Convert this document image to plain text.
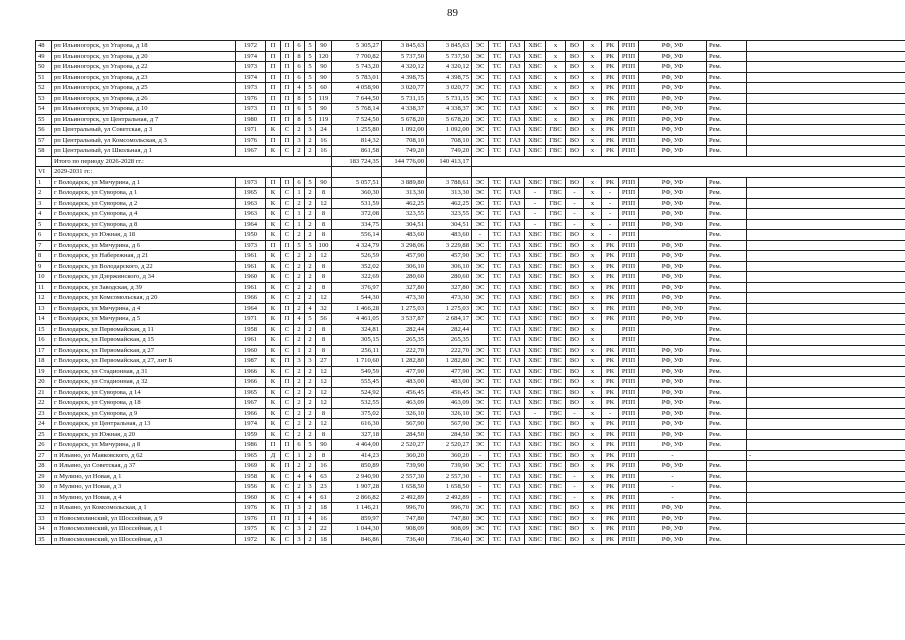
89
48	рп Ильиногорск, ул Угарова, д 18	1972	П	П	6	5	90	5 305,27	3 845,63	3 845,63	ЭС	ТС	ГАЗ	ХВС	х	ВО	х	РК	РПП	РФ, УФ	Рем.	
49	рп Ильиногорск, ул Угарова, д 20	1974	П	П	8	5	120	7 700,82	5 737,50	5 737,50	ЭС	ТС	ГАЗ	ХВС	х	ВО	х	РК	РПП	РФ, УФ	Рем.	
50	рп Ильиногорск, ул Угарова, д 22	1973	П	П	6	5	90	5 743,20	4 320,12	4 320,12	ЭС	ТС	ГАЗ	ХВС	х	ВО	х	РК	РПП	РФ, УФ	Рем.	
51	рп Ильиногорск, ул Угарова, д 23	1974	П	П	6	5	90	5 783,01	4 398,75	4 398,75	ЭС	ТС	ГАЗ	ХВС	х	ВО	х	РК	РПП	РФ, УФ	Рем.	
52	рп Ильиногорск, ул Угарова, д 25	1973	П	П	4	5	60	4 058,90	3 020,77	3 020,77	ЭС	ТС	ГАЗ	ХВС	х	ВО	х	РК	РПП	РФ, УФ	Рем.	
53	рп Ильиногорск, ул Угарова, д 26	1976	П	П	8	5	119	7 644,50	5 731,15	5 731,15	ЭС	ТС	ГАЗ	ХВС	х	ВО	х	РК	РПП	РФ, УФ	Рем.	
54	рп Ильиногорск, ул Угарова, д 10	1973	П	П	6	5	90	5 768,14	4 338,37	4 338,37	ЭС	ТС	ГАЗ	ХВС	х	ВО	х	РК	РПП	РФ, УФ	Рем.	
55	рп Ильиногорск, ул Центральная, д 7	1980	П	П	8	5	119	7 524,50	5 678,20	5 678,20	ЭС	ТС	ГАЗ	ХВС	х	ВО	х	РК	РПП	РФ, УФ	Рем.	
56	рп Центральный, ул Советская, д 3	1971	К	С	2	3	24	1 255,80	1 092,00	1 092,00	ЭС	ТС	ГАЗ	ХВС	ГВС	ВО	х	РК	РПП	РФ, УФ	Рем.	
57	рп Центральный, ул Комсомольская, д 3	1976	П	П	3	2	16	814,32	708,10	708,10	ЭС	ТС	ГАЗ	ХВС	ГВС	ВО	х	РК	РПП	РФ, УФ	Рем.	
58	рп Центральный, ул Школьная, д 1	1967	К	С	2	2	16	861,58	749,20	749,20	ЭС	ТС	ГАЗ	ХВС	ГВС	ВО	х	РК	РПП	РФ, УФ	Рем.	
	Итого по периоду 2026-2028 гг.:							183 724,35	144 776,00	140 413,17												
VI	2029-2031 гг.:																					
1	г Володарск, ул Мичурина, д 1	1973	П	П	6	5	90	5 057,51	3 889,80	3 788,61	ЭС	ТС	ГАЗ	ХВС	ГВС	ВО	х	РК	РПП	РФ, УФ	Рем.	
2	г Володарск, ул Суворова, д 1	1965	К	С	1	2	8	360,30	313,30	313,30	ЭС	ТС	ГАЗ	-	ГВС	-	х	-	РПП	РФ, УФ	Рем.	
3	г Володарск, ул Суворова, д 2	1963	К	С	2	2	12	531,59	462,25	462,25	ЭС	ТС	ГАЗ	-	ГВС	-	х	-	РПП	РФ, УФ	Рем.	
4	г Володарск, ул Суворова, д 4	1963	К	С	1	2	8	372,08	323,55	323,55	ЭС	ТС	ГАЗ	-	ГВС	-	х	-	РПП	РФ, УФ	Рем.	
5	г Володарск, ул Суворова, д 8	1964	К	С	1	2	8	334,75	304,51	304,51	ЭС	ТС	ГАЗ	-	ГВС	-	х	-	РПП	РФ, УФ	Рем.	
6	г Володарск, ул Южная, д 18	1950	К	С	2	2	8	556,14	483,60	483,60	-	ТС	ГАЗ	ХВС	ГВС	ВО	х	-	РПП		Рем.	
7	г Володарск, ул Мичурина, д 6	1973	П	П	5	5	100	4 324,79	3 298,06	3 229,88	ЭС	ТС	ГАЗ	ХВС	ГВС	ВО	х	РК	РПП	РФ, УФ	Рем.	
8	г Володарск, ул Набережная, д 21	1961	К	С	2	2	12	526,59	457,90	457,90	ЭС	ТС	ГАЗ	ХВС	ГВС	ВО	х	РК	РПП	РФ, УФ	Рем.	
9	г Володарск, ул Володарского, д 22	1961	К	С	2	2	8	352,02	306,10	306,10	ЭС	ТС	ГАЗ	ХВС	ГВС	ВО	х	РК	РПП	РФ, УФ	Рем.	
10	г Володарск, ул Дзержинского, д 34	1960	К	С	2	2	8	322,69	280,60	280,60	ЭС	ТС	ГАЗ	ХВС	ГВС	ВО	х	РК	РПП	РФ, УФ	Рем.	
11	г Володарск, ул Заводская, д 39	1961	К	С	2	2	8	376,97	327,80	327,80	ЭС	ТС	ГАЗ	ХВС	ГВС	ВО	х	РК	РПП	РФ, УФ	Рем.	
12	г Володарск, ул Комсомольская, д 20	1966	К	С	2	2	12	544,30	473,30	473,30	ЭС	ТС	ГАЗ	ХВС	ГВС	ВО	х	РК	РПП	РФ, УФ	Рем.	
13	г Володарск, ул Мичурина, д 4	1964	К	П	2	4	32	1 466,28	1 275,03	1 275,03	ЭС	ТС	ГАЗ	ХВС	ГВС	ВО	х	РК	РПП	РФ, УФ	Рем.	
14	г Володарск, ул Мичурина, д 5	1971	К	П	4	5	56	4 461,05	3 537,87	2 684,17	ЭС	ТС	ГАЗ	ХВС	ГВС	ВО	х	РК	РПП	РФ, УФ	Рем.	
15	г Володарск, ул Первомайская, д 11	1958	К	С	2	2	8	324,81	282,44	282,44		ТС	ГАЗ	ХВС	ГВС	ВО	х		РПП		Рем.	
16	г Володарск, ул Первомайская, д 15	1961	К	С	2	2	8	305,15	265,35	265,35		ТС	ГАЗ	ХВС	ГВС	ВО	х		РПП		Рем.	
17	г Володарск, ул Первомайская, д 27	1960	К	С	1	2	8	256,11	222,70	222,70	ЭС	ТС	ГАЗ	ХВС	ГВС	ВО	х	РК	РПП	РФ, УФ	Рем.	
18	г Володарск, ул Первомайская, д 27, лит Б	1987	К	П	3	3	27	1 710,60	1 282,80	1 282,80	ЭС	ТС	ГАЗ	ХВС	ГВС	ВО	х	РК	РПП	РФ, УФ	Рем.	
19	г Володарск, ул Стадионная, д 31	1966	К	С	2	2	12	549,59	477,90	477,90	ЭС	ТС	ГАЗ	ХВС	ГВС	ВО	х	РК	РПП	РФ, УФ	Рем.	
20	г Володарск, ул Стадионная, д 32	1966	К	П	2	2	12	555,45	483,00	483,00	ЭС	ТС	ГАЗ	ХВС	ГВС	ВО	х	РК	РПП	РФ, УФ	Рем.	
21	г Володарск, ул Суворова, д 14	1965	К	С	2	2	12	524,92	456,45	456,45	ЭС	ТС	ГАЗ	ХВС	ГВС	ВО	х	РК	РПП	РФ, УФ	Рем.	
22	г Володарск, ул Суворова, д 18	1967	К	С	2	2	12	532,55	463,09	463,09	ЭС	ТС	ГАЗ	ХВС	ГВС	ВО	х	РК	РПП	РФ, УФ	Рем.	
23	г Володарск, ул Суворова, д 9	1966	К	С	2	2	8	375,02	326,10	326,10	ЭС	ТС	ГАЗ	-	ГВС	-	х	-	РПП	РФ, УФ	Рем.	
24	г Володарск, ул Центральная, д 13	1974	К	С	2	2	12	616,30	567,90	567,90	ЭС	ТС	ГАЗ	ХВС	ГВС	ВО	х	РК	РПП	РФ, УФ	Рем.	
25	г Володарск, ул Южная, д 20	1959	К	С	2	2	8	327,18	284,50	284,50	ЭС	ТС	ГАЗ	ХВС	ГВС	ВО	х	РК	РПП	РФ, УФ	Рем.	
26	г Володарск, ул Мичурина, д 8	1986	П	П	6	5	90	4 464,00	2 520,27	2 520,27	ЭС	ТС	ГАЗ	ХВС	ГВС	ВО	х	РК	РПП	РФ, УФ	Рем.	
27	п Ильино, ул Маяковского, д 62	1965	Д	С	1	2	8	414,23	360,20	360,20	-	ТС	ГАЗ	ХВС	ГВС	ВО	х	РК	РПП	-		-
28	п Ильино, ул Советская, д 37	1969	К	П	2	2	16	850,89	739,90	739,90	ЭС	ТС	ГАЗ	ХВС	ГВС	ВО	х	РК	РПП	РФ, УФ	Рем.	
29	п Мулино, ул Новая, д 1	1958	К	С	4	4	63	2 940,90	2 557,30	2 557,30	-	ТС	ГАЗ	ХВС	ГВС	-	х	РК	РПП	-	Рем.	
30	п Мулино, ул Новая, д 3	1956	К	С	2	3	23	1 907,28	1 658,50	1 658,50	-	ТС	ГАЗ	ХВС	ГВС	-	х	РК	РПП	-	Рем.	
31	п Мулино, ул Новая, д 4	1960	К	С	4	4	61	2 866,82	2 492,89	2 492,89	-	ТС	ГАЗ	ХВС	ГВС	-	х	РК	РПП	-	Рем.	
32	п Ильино, ул Комсомольская, д 1	1976	К	П	3	2	18	1 146,21	996,70	996,70	ЭС	ТС	ГАЗ	ХВС	ГВС	ВО	х	РК	РПП	РФ, УФ	Рем.	
33	п Новосмолинский, ул Шоссейная, д 9	1976	П	П	1	4	16	859,97	747,80	747,80	ЭС	ТС	ГАЗ	ХВС	ГВС	ВО	х	РК	РПП	РФ, УФ	Рем.	
34	п Новосмолинский, ул Шоссейная, д 1	1975	К	С	3	2	22	1 044,30	908,09	908,09	ЭС	ТС	ГАЗ	ХВС	ГВС	ВО	х	РК	РПП	РФ, УФ	Рем.	
35	п Новосмолинский, ул Шоссейная, д 3	1972	К	С	3	2	18	846,86	736,40	736,40	ЭС	ТС	ГАЗ	ХВС	ГВС	ВО	х	РК	РПП	РФ, УФ	Рем.	
